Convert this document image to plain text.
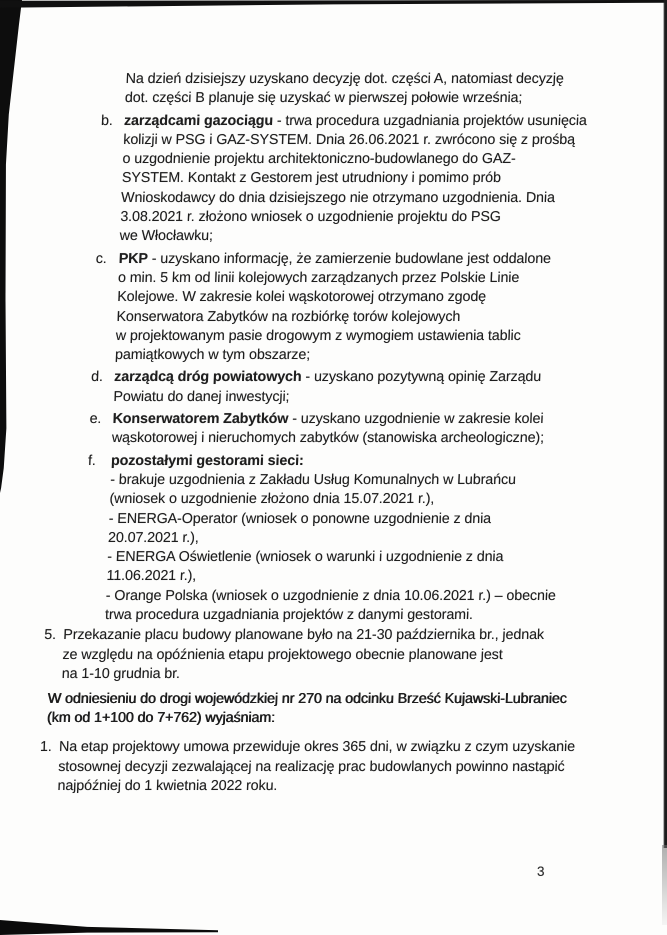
Na dzień dzisiejszy uzyskano decyzję dot. części A, natomiast decyzję
dot. części B planuje się uzyskać w pierwszej połowie września;
b. zarządcami gazociągu - trwa procedura uzgadniania projektów usunięcia
kolizji w PSG i GAZ-SYSTEM. Dnia 26.06.2021 r. zwrócono się z prośbą
o uzgodnienie projektu architektoniczno-budowlanego do GAZ-
SYSTEM. Kontakt z Gestorem jest utrudniony i pomimo prób
Wnioskodawcy do dnia dzisiejszego nie otrzymano uzgodnienia. Dnia
3.08.2021 r. złożono wniosek o uzgodnienie projektu do PSG
we Włocławku;
c. PKP - uzyskano informację, że zamierzenie budowlane jest oddalone
o min. 5 km od linii kolejowych zarządzanych przez Polskie Linie
Kolejowe. W zakresie kolei wąskotorowej otrzymano zgodę
Konserwatora Zabytków na rozbiórkę torów kolejowych
w projektowanym pasie drogowym z wymogiem ustawienia tablic
pamiątkowych w tym obszarze;
d. zarządcą dróg powiatowych - uzyskano pozytywną opinię Zarządu
Powiatu do danej inwestycji;
e. Konserwatorem Zabytków - uzyskano uzgodnienie w zakresie kolei
wąskotorowej i nieruchomych zabytków (stanowiska archeologiczne);
f. pozostałymi gestorami sieci:
- brakuje uzgodnienia z Zakładu Usług Komunalnych w Lubrańcu
(wniosek o uzgodnienie złożono dnia 15.07.2021 r.),
- ENERGA-Operator (wniosek o ponowne uzgodnienie z dnia
20.07.2021 r.),
- ENERGA Oświetlenie (wniosek o warunki i uzgodnienie z dnia
11.06.2021 r.),
- Orange Polska (wniosek o uzgodnienie z dnia 10.06.2021 r.) – obecnie
trwa procedura uzgadniania projektów z danymi gestorami.
5. Przekazanie placu budowy planowane było na 21-30 października br., jednak
ze względu na opóźnienia etapu projektowego obecnie planowane jest
na 1-10 grudnia br.
W odniesieniu do drogi wojewódzkiej nr 270 na odcinku Brześć Kujawski-Lubraniec
(km od 1+100 do 7+762) wyjaśniam:
1. Na etap projektowy umowa przewiduje okres 365 dni, w związku z czym uzyskanie
stosownej decyzji zezwalającej na realizację prac budowlanych powinno nastąpić
najpóźniej do 1 kwietnia 2022 roku.
3
